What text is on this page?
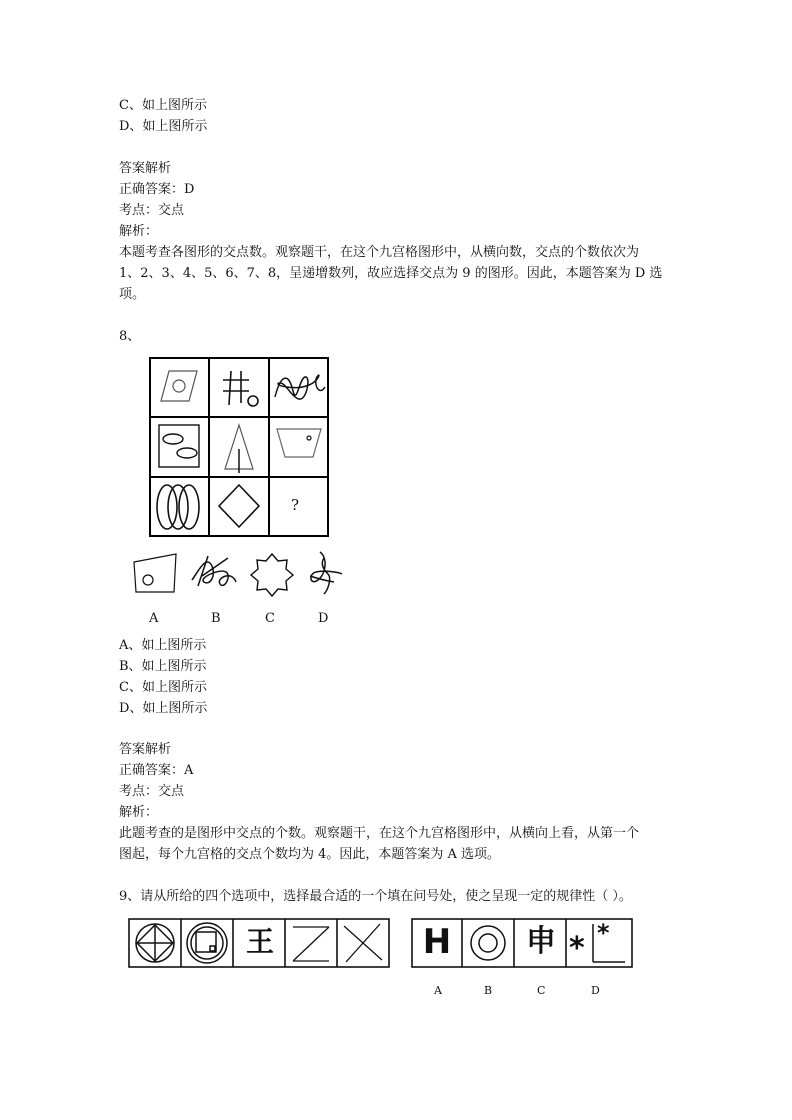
C、如上图所示
D、如上图所示
答案解析
正确答案：D
考点：交点
解析：
本题考查各图形的交点数。观察题干，在这个九宫格图形中，从横向数，交点的个数依次为
1、2、3、4、5、6、7、8，呈递增数列，故应选择交点为 9 的图形。因此，本题答案为 D 选
项。
8、
?
A	B	C	D
A、如上图所示
B、如上图所示
C、如上图所示
D、如上图所示
答案解析
正确答案：A
考点：交点
解析：
此题考查的是图形中交点的个数。观察题干，在这个九宫格图形中，从横向上看，从第一个
图起，每个九宫格的交点个数均为 4。因此，本题答案为 A 选项。
9、请从所给的四个选项中，选择最合适的一个填在问号处，使之呈现一定的规律性（ ）。
王	H	申 * *
A	B	C	D
